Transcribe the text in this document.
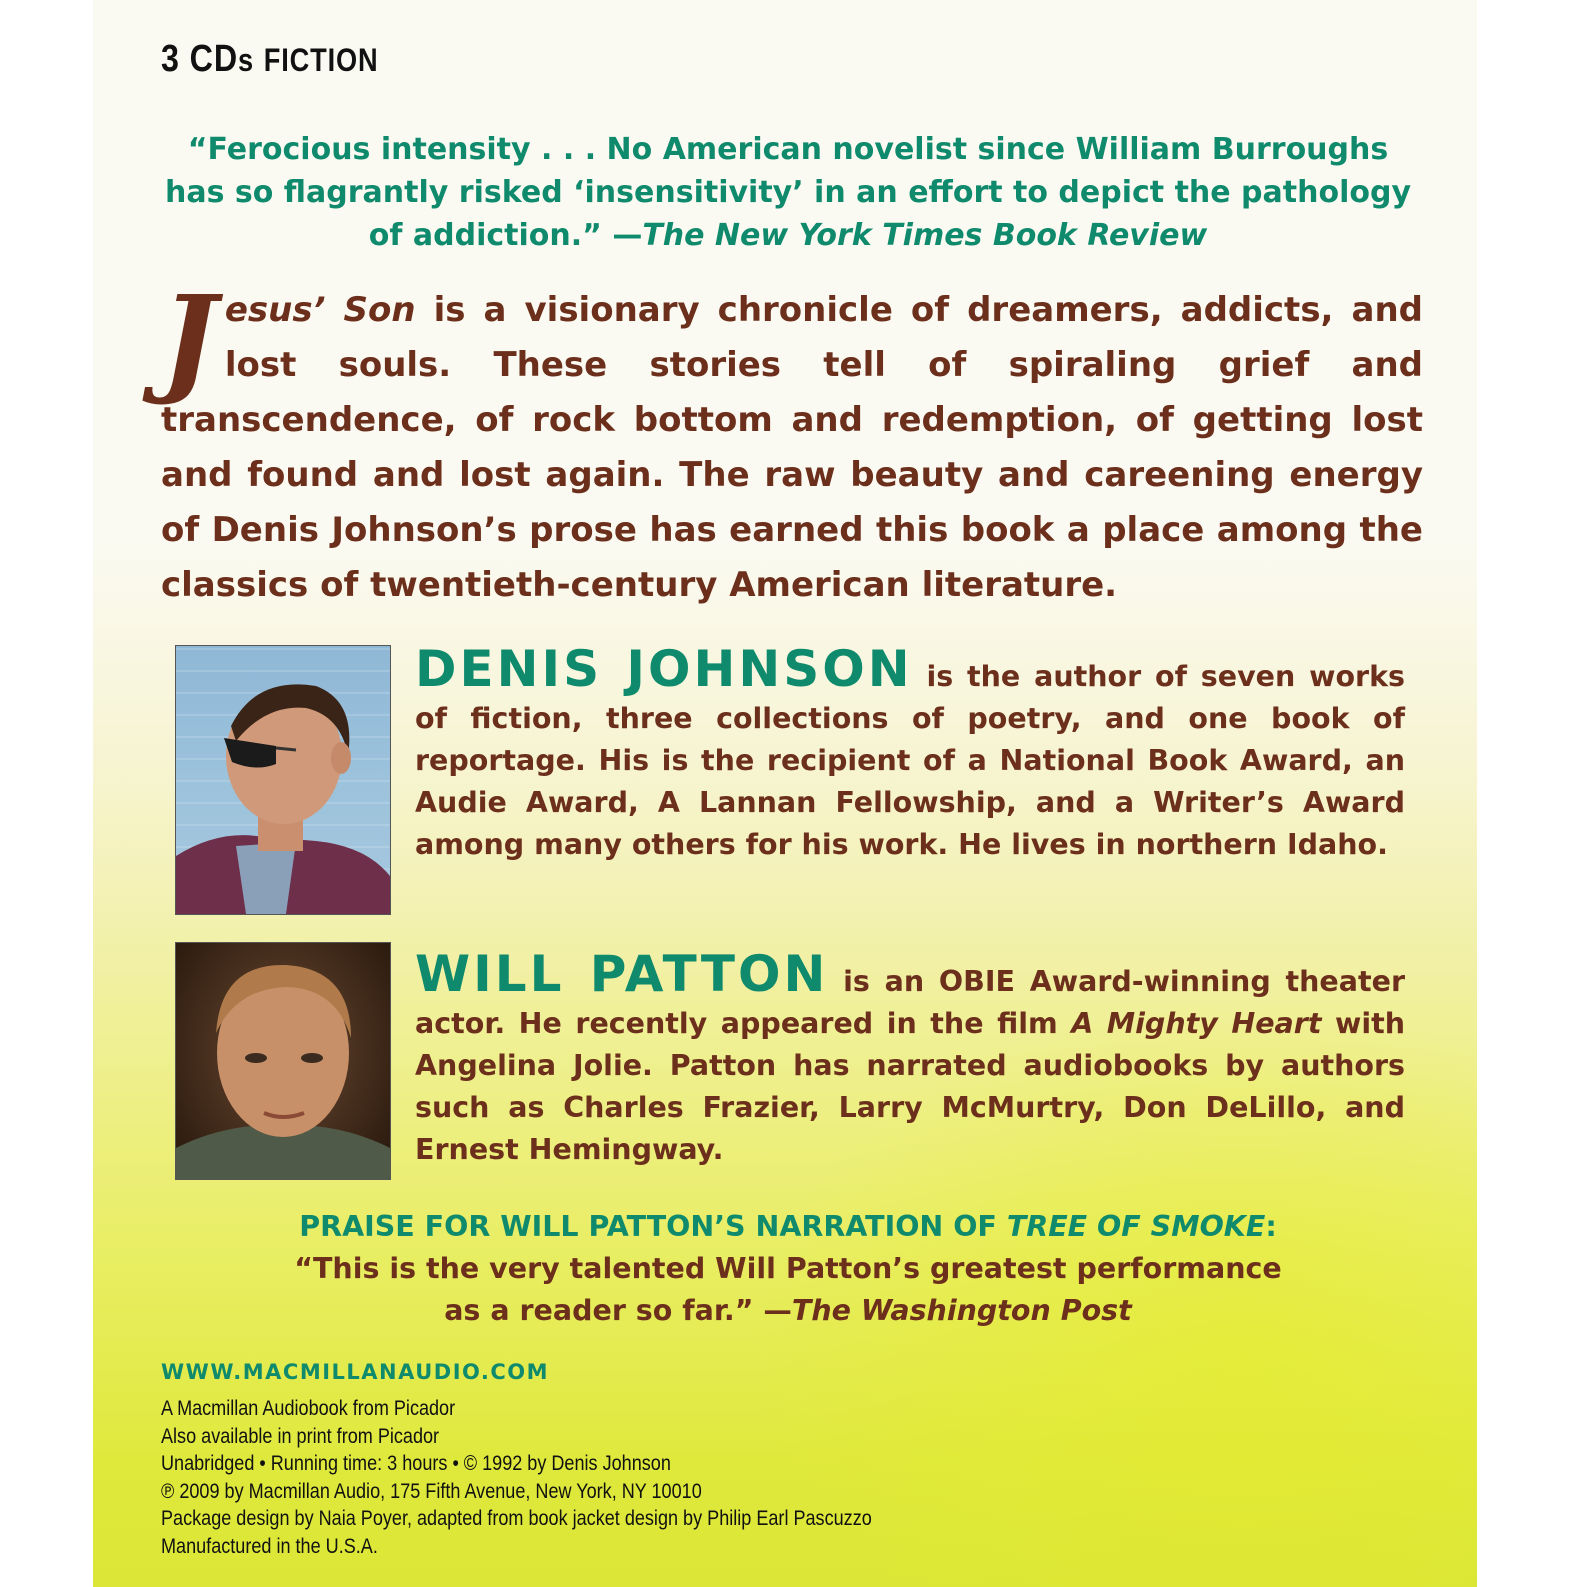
3 CDs FICTION

“Ferocious intensity . . . No American novelist since William Burroughs has so flagrantly risked ‘insensitivity’ in an effort to depict the pathology of addiction.” —The New York Times Book Review

Jesus’ Son is a visionary chronicle of dreamers, addicts, and lost souls. These stories tell of spiraling grief and transcendence, of rock bottom and redemption, of getting lost and found and lost again. The raw beauty and careening energy of Denis Johnson’s prose has earned this book a place among the classics of twentieth-century American literature.

DENIS JOHNSON is the author of seven works of fiction, three collections of poetry, and one book of reportage. His is the recipient of a National Book Award, an Audie Award, A Lannan Fellowship, and a Writer’s Award among many others for his work. He lives in northern Idaho.

WILL PATTON is an OBIE Award-winning theater actor. He recently appeared in the film A Mighty Heart with Angelina Jolie. Patton has narrated audiobooks by authors such as Charles Frazier, Larry McMurtry, Don DeLillo, and Ernest Hemingway.

PRAISE FOR WILL PATTON’S NARRATION OF TREE OF SMOKE:
“This is the very talented Will Patton’s greatest performance as a reader so far.” —The Washington Post
WWW.MACMILLANAUDIO.COM
A Macmillan Audiobook from Picador
Also available in print from Picador
Unabridged • Running time: 3 hours • © 1992 by Denis Johnson
℗ 2009 by Macmillan Audio, 175 Fifth Avenue, New York, NY 10010
Package design by Naia Poyer, adapted from book jacket design by Philip Earl Pascuzzo
Manufactured in the U.S.A.
